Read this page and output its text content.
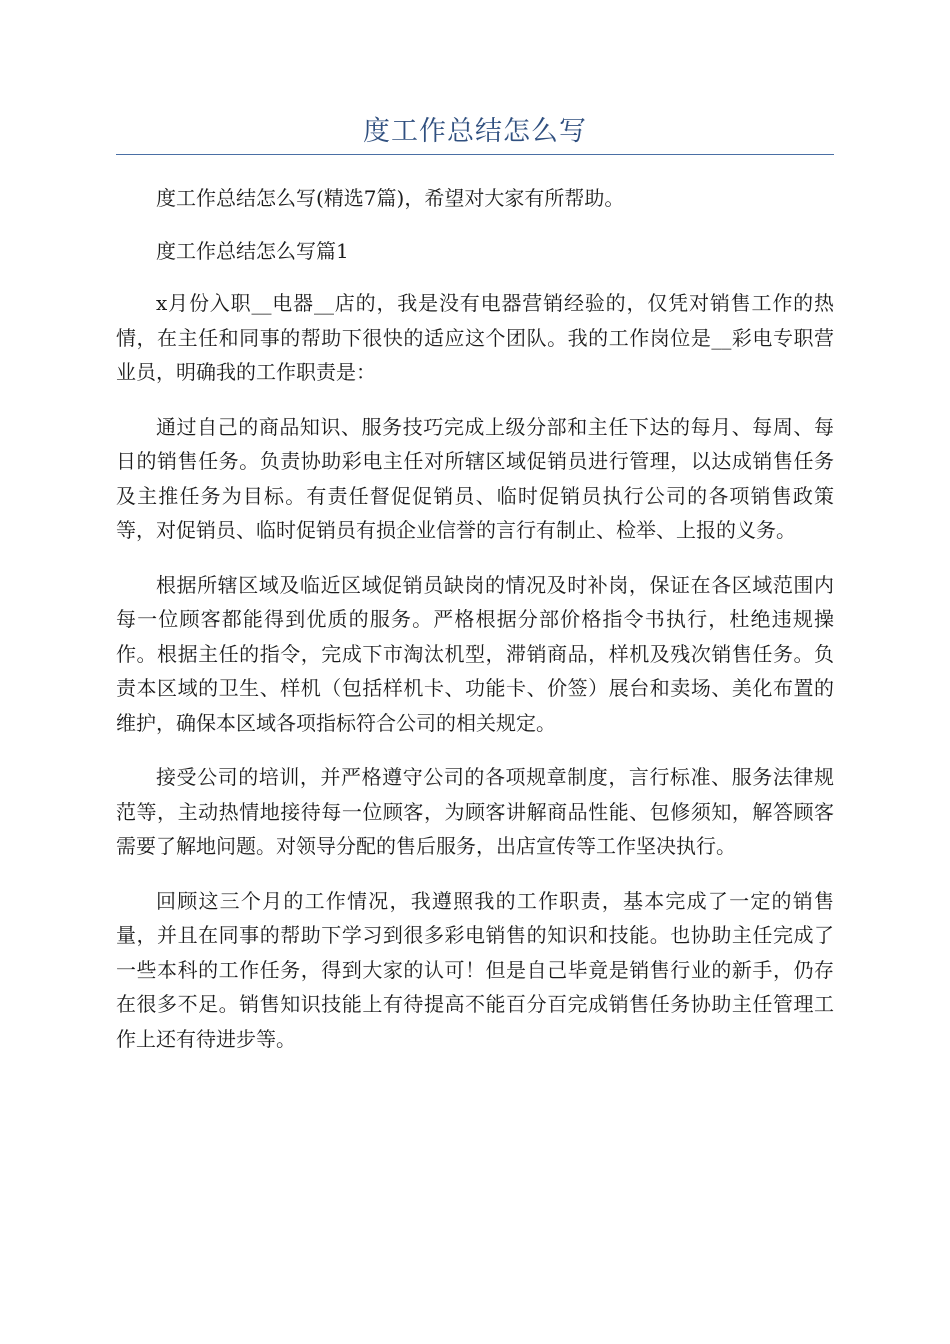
度工作总结怎么写

度工作总结怎么写(精选7篇)，希望对大家有所帮助。

度工作总结怎么写篇1

x月份入职__电器__店的，我是没有电器营销经验的，仅凭对销售工作的热情，在主任和同事的帮助下很快的适应这个团队。我的工作岗位是__彩电专职营业员，明确我的工作职责是：

通过自己的商品知识、服务技巧完成上级分部和主任下达的每月、每周、每日的销售任务。负责协助彩电主任对所辖区域促销员进行管理，以达成销售任务及主推任务为目标。有责任督促促销员、临时促销员执行公司的各项销售政策等，对促销员、临时促销员有损企业信誉的言行有制止、检举、上报的义务。

根据所辖区域及临近区域促销员缺岗的情况及时补岗，保证在各区域范围内每一位顾客都能得到优质的服务。严格根据分部价格指令书执行，杜绝违规操作。根据主任的指令，完成下市淘汰机型，滞销商品，样机及残次销售任务。负责本区域的卫生、样机（包括样机卡、功能卡、价签）展台和卖场、美化布置的维护，确保本区域各项指标符合公司的相关规定。

接受公司的培训，并严格遵守公司的各项规章制度，言行标准、服务法律规范等，主动热情地接待每一位顾客，为顾客讲解商品性能、包修须知，解答顾客需要了解地问题。对领导分配的售后服务，出店宣传等工作坚决执行。

回顾这三个月的工作情况，我遵照我的工作职责，基本完成了一定的销售量，并且在同事的帮助下学习到很多彩电销售的知识和技能。也协助主任完成了一些本科的工作任务，得到大家的认可！但是自己毕竟是销售行业的新手，仍存在很多不足。销售知识技能上有待提高不能百分百完成销售任务协助主任管理工作上还有待进步等。
